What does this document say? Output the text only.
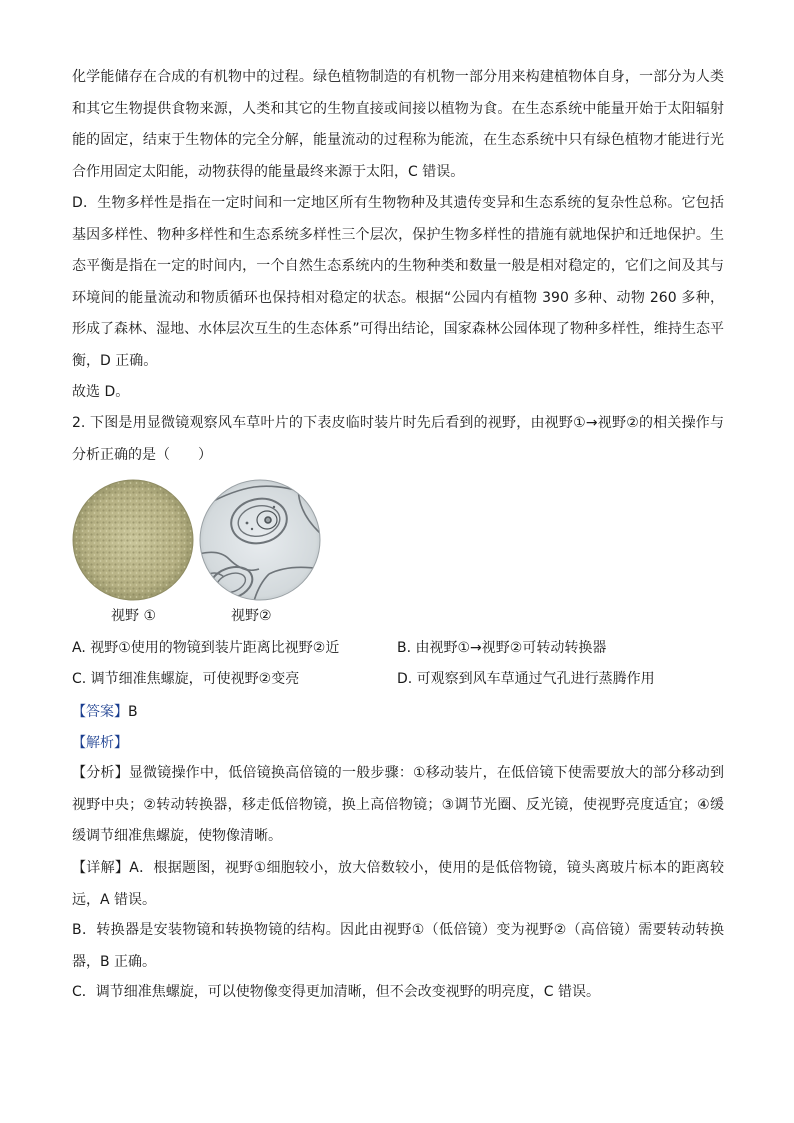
化学能储存在合成的有机物中的过程。绿色植物制造的有机物一部分用来构建植物体自身，一部分为人类和其它生物提供食物来源，人类和其它的生物直接或间接以植物为食。在生态系统中能量开始于太阳辐射能的固定，结束于生物体的完全分解，能量流动的过程称为能流，在生态系统中只有绿色植物才能进行光合作用固定太阳能，动物获得的能量最终来源于太阳，C 错误。

D．生物多样性是指在一定时间和一定地区所有生物物种及其遗传变异和生态系统的复杂性总称。它包括基因多样性、物种多样性和生态系统多样性三个层次，保护生物多样性的措施有就地保护和迁地保护。生态平衡是指在一定的时间内，一个自然生态系统内的生物种类和数量一般是相对稳定的，它们之间及其与环境间的能量流动和物质循环也保持相对稳定的状态。根据“公园内有植物 390 多种、动物 260 多种，形成了森林、湿地、水体层次互生的生态体系”可得出结论，国家森林公园体现了物种多样性，维持生态平衡，D 正确。

故选 D。

2. 下图是用显微镜观察风车草叶片的下表皮临时装片时先后看到的视野，由视野①→视野②的相关操作与分析正确的是（　　）

视野 ①	视野②
A. 视野①使用的物镜到装片距离比视野②近	B. 由视野①→视野②可转动转换器
C. 调节细准焦螺旋，可使视野②变亮	D. 可观察到风车草通过气孔进行蒸腾作用
【答案】B
【解析】

【分析】显微镜操作中，低倍镜换高倍镜的一般步骤：①移动装片，在低倍镜下使需要放大的部分移动到视野中央；②转动转换器，移走低倍物镜，换上高倍物镜；③调节光圈、反光镜，使视野亮度适宜；④缓缓调节细准焦螺旋，使物像清晰。

【详解】A．根据题图，视野①细胞较小，放大倍数较小，使用的是低倍物镜，镜头离玻片标本的距离较远，A 错误。

B．转换器是安装物镜和转换物镜的结构。因此由视野①（低倍镜）变为视野②（高倍镜）需要转动转换器，B 正确。

C．调节细准焦螺旋，可以使物像变得更加清晰，但不会改变视野的明亮度，C 错误。
